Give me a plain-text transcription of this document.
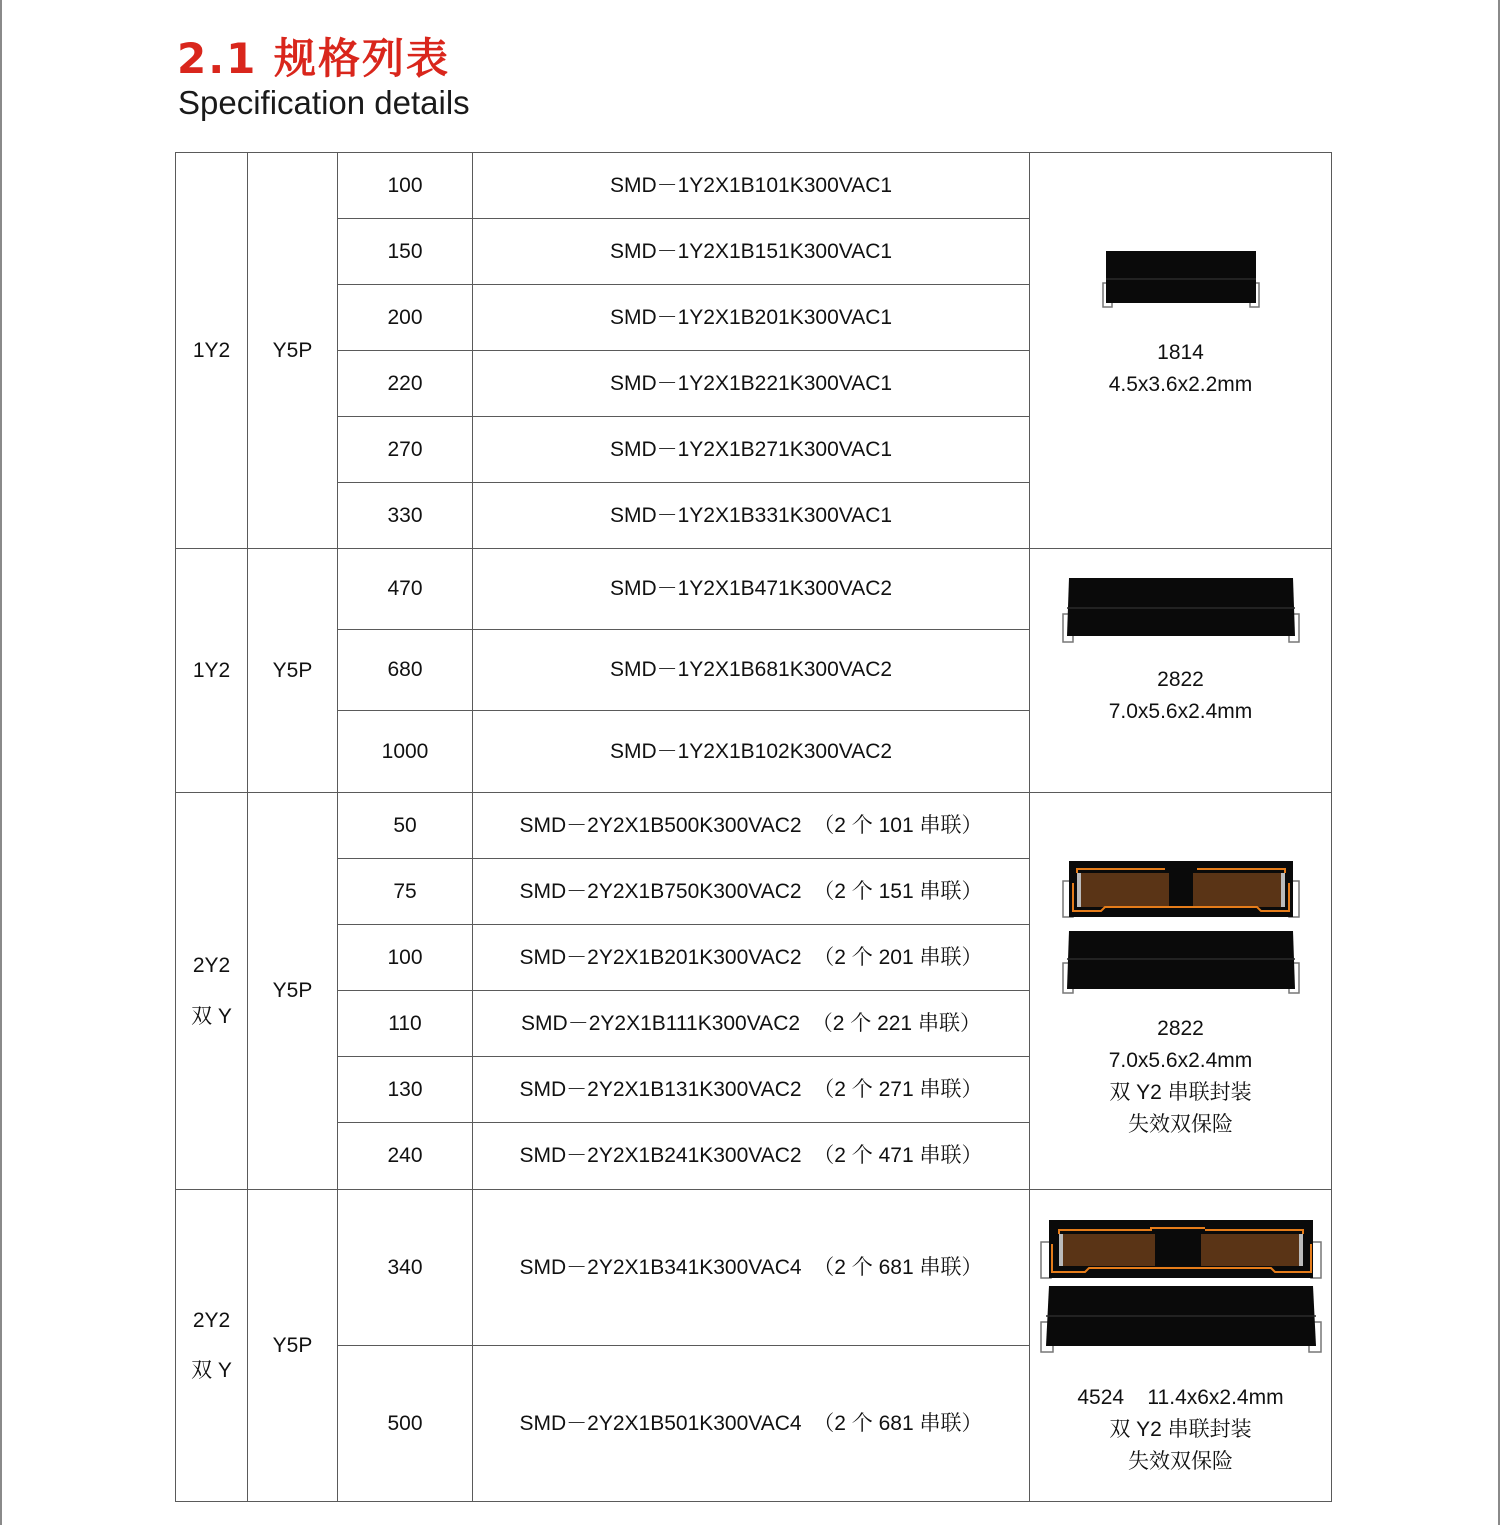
2.1 规格列表
Specification details
1Y2	Y5P	100	SMD－1Y2X1B101K300VAC1	1814
4.5x3.6x2.2mm

		150	SMD－1Y2X1B151K300VAC1	
		200	SMD－1Y2X1B201K300VAC1	
		220	SMD－1Y2X1B221K300VAC1	
		270	SMD－1Y2X1B271K300VAC1	
		330	SMD－1Y2X1B331K300VAC1	
1Y2	Y5P	470	SMD－1Y2X1B471K300VAC2	2822
7.0x5.6x2.4mm

		680	SMD－1Y2X1B681K300VAC2	
		1000	SMD－1Y2X1B102K300VAC2	
2Y2

双 Y	Y5P	50	SMD－2Y2X1B500K300VAC2 （2 个 101 串联）	2822
7.0x5.6x2.4mm
双 Y2 串联封装
失效双保险

		75	SMD－2Y2X1B750K300VAC2 （2 个 151 串联）	
		100	SMD－2Y2X1B201K300VAC2 （2 个 201 串联）	
		110	SMD－2Y2X1B111K300VAC2 （2 个 221 串联）	
		130	SMD－2Y2X1B131K300VAC2 （2 个 271 串联）	
		240	SMD－2Y2X1B241K300VAC2 （2 个 471 串联）	
2Y2

双 Y	Y5P	340	SMD－2Y2X1B341K300VAC4 （2 个 681 串联）	4524    11.4x6x2.4mm
双 Y2 串联封装
失效双保险

		500	SMD－2Y2X1B501K300VAC4 （2 个 681 串联）	
